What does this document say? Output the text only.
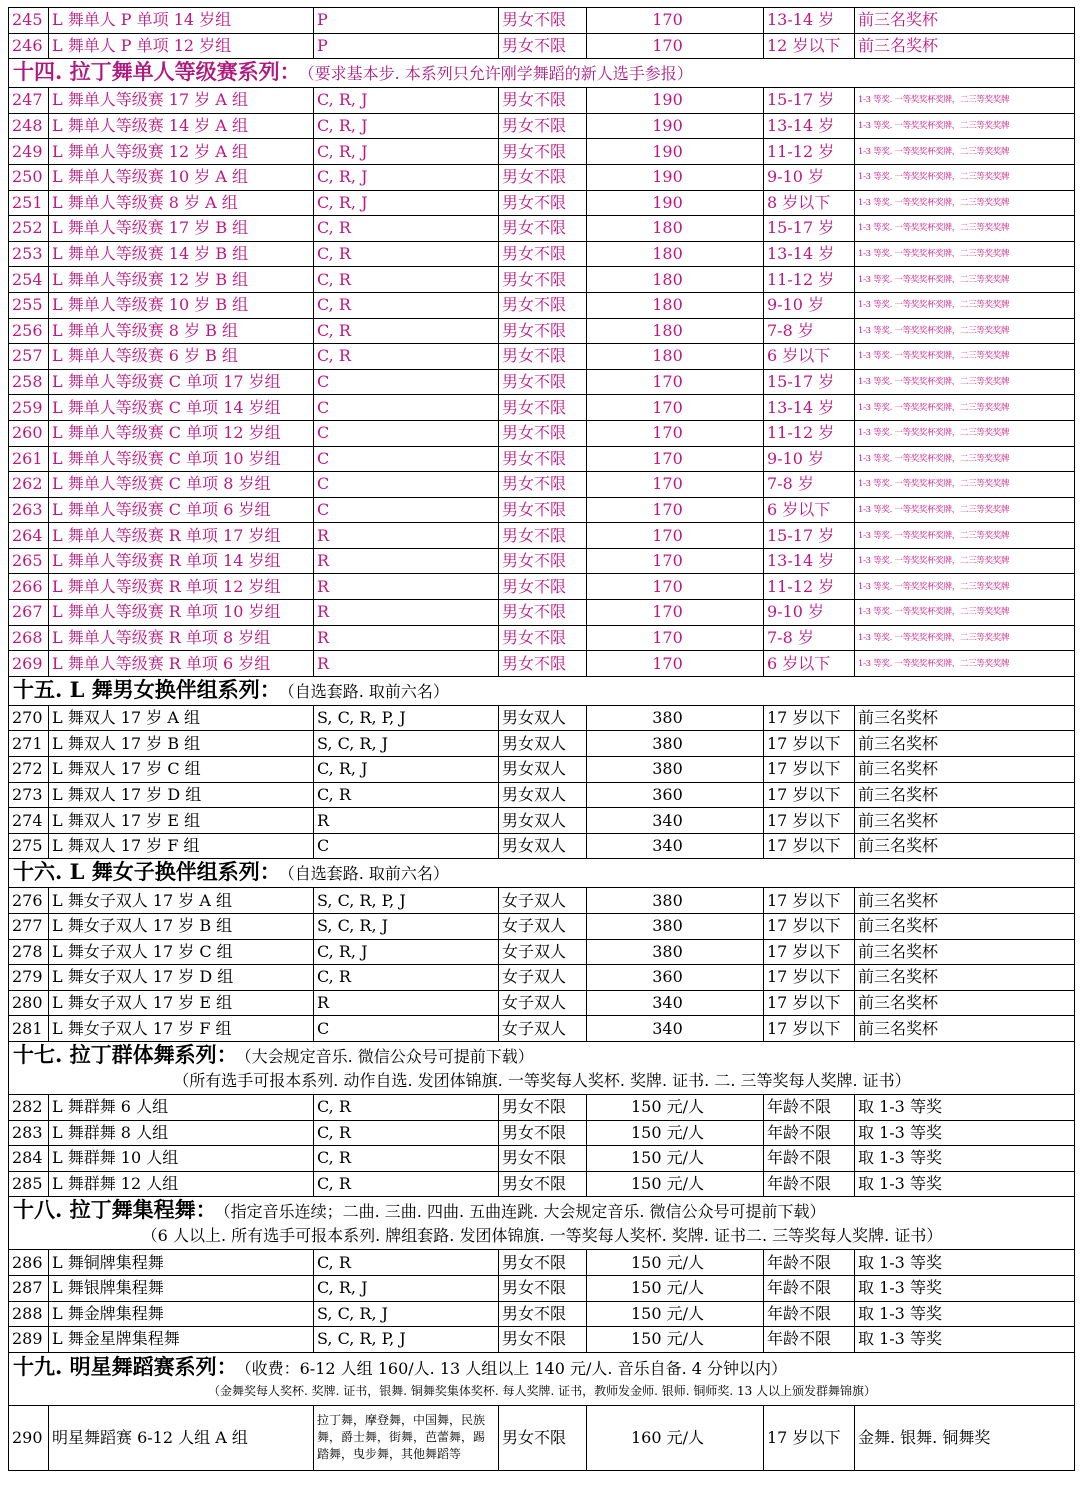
245	L 舞单人 P 单项 14 岁组	P	男女不限	170	13-14 岁	前三名奖杯
246	L 舞单人 P 单项 12 岁组	P	男女不限	170	12 岁以下	前三名奖杯
十四. 拉丁舞单人等级赛系列： （要求基本步. 本系列只允许刚学舞蹈的新人选手参报）						
247	L 舞单人等级赛 17 岁 A 组	C, R, J	男女不限	190	15-17 岁	1-3 等奖. 一等奖奖杯奖牌，二三等奖奖牌
248	L 舞单人等级赛 14 岁 A 组	C, R, J	男女不限	190	13-14 岁	1-3 等奖. 一等奖奖杯奖牌，二三等奖奖牌
249	L 舞单人等级赛 12 岁 A 组	C, R, J	男女不限	190	11-12 岁	1-3 等奖. 一等奖奖杯奖牌，二三等奖奖牌
250	L 舞单人等级赛 10 岁 A 组	C, R, J	男女不限	190	9-10 岁	1-3 等奖. 一等奖奖杯奖牌，二三等奖奖牌
251	L 舞单人等级赛 8 岁 A 组	C, R, J	男女不限	190	8 岁以下	1-3 等奖. 一等奖奖杯奖牌，二三等奖奖牌
252	L 舞单人等级赛 17 岁 B 组	C, R	男女不限	180	15-17 岁	1-3 等奖. 一等奖奖杯奖牌，二三等奖奖牌
253	L 舞单人等级赛 14 岁 B 组	C, R	男女不限	180	13-14 岁	1-3 等奖. 一等奖奖杯奖牌，二三等奖奖牌
254	L 舞单人等级赛 12 岁 B 组	C, R	男女不限	180	11-12 岁	1-3 等奖. 一等奖奖杯奖牌，二三等奖奖牌
255	L 舞单人等级赛 10 岁 B 组	C, R	男女不限	180	9-10 岁	1-3 等奖. 一等奖奖杯奖牌，二三等奖奖牌
256	L 舞单人等级赛 8 岁 B 组	C, R	男女不限	180	7-8 岁	1-3 等奖. 一等奖奖杯奖牌，二三等奖奖牌
257	L 舞单人等级赛 6 岁 B 组	C, R	男女不限	180	6 岁以下	1-3 等奖. 一等奖奖杯奖牌，二三等奖奖牌
258	L 舞单人等级赛 C 单项 17 岁组	C	男女不限	170	15-17 岁	1-3 等奖. 一等奖奖杯奖牌，二三等奖奖牌
259	L 舞单人等级赛 C 单项 14 岁组	C	男女不限	170	13-14 岁	1-3 等奖. 一等奖奖杯奖牌，二三等奖奖牌
260	L 舞单人等级赛 C 单项 12 岁组	C	男女不限	170	11-12 岁	1-3 等奖. 一等奖奖杯奖牌，二三等奖奖牌
261	L 舞单人等级赛 C 单项 10 岁组	C	男女不限	170	9-10 岁	1-3 等奖. 一等奖奖杯奖牌，二三等奖奖牌
262	L 舞单人等级赛 C 单项 8 岁组	C	男女不限	170	7-8 岁	1-3 等奖. 一等奖奖杯奖牌，二三等奖奖牌
263	L 舞单人等级赛 C 单项 6 岁组	C	男女不限	170	6 岁以下	1-3 等奖. 一等奖奖杯奖牌，二三等奖奖牌
264	L 舞单人等级赛 R 单项 17 岁组	R	男女不限	170	15-17 岁	1-3 等奖. 一等奖奖杯奖牌，二三等奖奖牌
265	L 舞单人等级赛 R 单项 14 岁组	R	男女不限	170	13-14 岁	1-3 等奖. 一等奖奖杯奖牌，二三等奖奖牌
266	L 舞单人等级赛 R 单项 12 岁组	R	男女不限	170	11-12 岁	1-3 等奖. 一等奖奖杯奖牌，二三等奖奖牌
267	L 舞单人等级赛 R 单项 10 岁组	R	男女不限	170	9-10 岁	1-3 等奖. 一等奖奖杯奖牌，二三等奖奖牌
268	L 舞单人等级赛 R 单项 8 岁组	R	男女不限	170	7-8 岁	1-3 等奖. 一等奖奖杯奖牌，二三等奖奖牌
269	L 舞单人等级赛 R 单项 6 岁组	R	男女不限	170	6 岁以下	1-3 等奖. 一等奖奖杯奖牌，二三等奖奖牌
十五. L 舞男女换伴组系列： （自选套路. 取前六名）						
270	L 舞双人 17 岁 A 组	S, C, R, P, J	男女双人	380	17 岁以下	前三名奖杯
271	L 舞双人 17 岁 B 组	S, C, R, J	男女双人	380	17 岁以下	前三名奖杯
272	L 舞双人 17 岁 C 组	C, R, J	男女双人	380	17 岁以下	前三名奖杯
273	L 舞双人 17 岁 D 组	C, R	男女双人	360	17 岁以下	前三名奖杯
274	L 舞双人 17 岁 E 组	R	男女双人	340	17 岁以下	前三名奖杯
275	L 舞双人 17 岁 F 组	C	男女双人	340	17 岁以下	前三名奖杯
十六. L 舞女子换伴组系列： （自选套路. 取前六名）						
276	L 舞女子双人 17 岁 A 组	S, C, R, P, J	女子双人	380	17 岁以下	前三名奖杯
277	L 舞女子双人 17 岁 B 组	S, C, R, J	女子双人	380	17 岁以下	前三名奖杯
278	L 舞女子双人 17 岁 C 组	C, R, J	女子双人	380	17 岁以下	前三名奖杯
279	L 舞女子双人 17 岁 D 组	C, R	女子双人	360	17 岁以下	前三名奖杯
280	L 舞女子双人 17 岁 E 组	R	女子双人	340	17 岁以下	前三名奖杯
281	L 舞女子双人 17 岁 F 组	C	女子双人	340	17 岁以下	前三名奖杯
十七. 拉丁群体舞系列： （大会规定音乐. 微信公众号可提前下载）
（所有选手可报本系列. 动作自选. 发团体锦旗. 一等奖每人奖杯. 奖牌. 证书. 二. 三等奖每人奖牌. 证书）						

282	L 舞群舞 6 人组	C, R	男女不限	150 元/人	年龄不限	取 1-3 等奖
283	L 舞群舞 8 人组	C, R	男女不限	150 元/人	年龄不限	取 1-3 等奖
284	L 舞群舞 10 人组	C, R	男女不限	150 元/人	年龄不限	取 1-3 等奖
285	L 舞群舞 12 人组	C, R	男女不限	150 元/人	年龄不限	取 1-3 等奖
十八. 拉丁舞集程舞： （指定音乐连续；二曲. 三曲. 四曲. 五曲连跳. 大会规定音乐. 微信公众号可提前下载）
（6 人以上. 所有选手可报本系列. 牌组套路. 发团体锦旗. 一等奖每人奖杯. 奖牌. 证书二. 三等奖每人奖牌. 证书）						

286	L 舞铜牌集程舞	C, R	男女不限	150 元/人	年龄不限	取 1-3 等奖
287	L 舞银牌集程舞	C, R, J	男女不限	150 元/人	年龄不限	取 1-3 等奖
288	L 舞金牌集程舞	S, C, R, J	男女不限	150 元/人	年龄不限	取 1-3 等奖
289	L 舞金星牌集程舞	S, C, R, P, J	男女不限	150 元/人	年龄不限	取 1-3 等奖
十九. 明星舞蹈赛系列： （收费：6-12 人组 160/人. 13 人组以上 140 元/人. 音乐自备. 4 分钟以内）
（金舞奖每人奖杯. 奖牌. 证书，银舞. 铜舞奖集体奖杯. 每人奖牌. 证书，教师发金师. 银师. 铜师奖. 13 人以上颁发群舞锦旗）						

290	明星舞蹈赛 6-12 人组 A 组	拉丁舞，摩登舞，中国舞，民族舞，爵士舞，街舞，芭蕾舞，踢踏舞，曳步舞，其他舞蹈等	男女不限	160 元/人	17 岁以下	金舞. 银舞. 铜舞奖
